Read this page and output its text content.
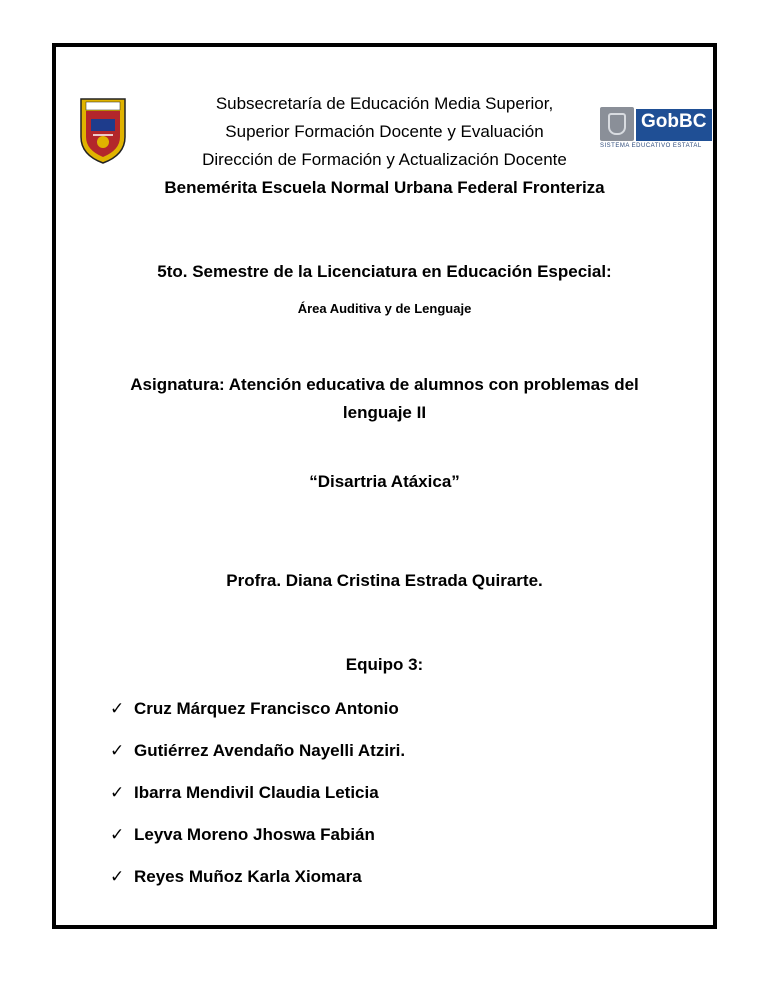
GobBC
SISTEMA EDUCATIVO ESTATAL
Subsecretaría de Educación Media Superior,
Superior Formación Docente y Evaluación
Dirección de Formación y Actualización Docente
Benemérita Escuela Normal Urbana Federal Fronteriza
5to. Semestre de la Licenciatura en Educación Especial:
Área Auditiva y de Lenguaje
Asignatura: Atención educativa de alumnos con problemas del
lenguaje II
“Disartria Atáxica”
Profra. Diana Cristina Estrada Quirarte.
Equipo 3:
✓ Cruz Márquez Francisco Antonio
✓ Gutiérrez Avendaño Nayelli Atziri.
✓ Ibarra Mendivil Claudia Leticia
✓ Leyva Moreno Jhoswa Fabián
✓ Reyes Muñoz Karla Xiomara
